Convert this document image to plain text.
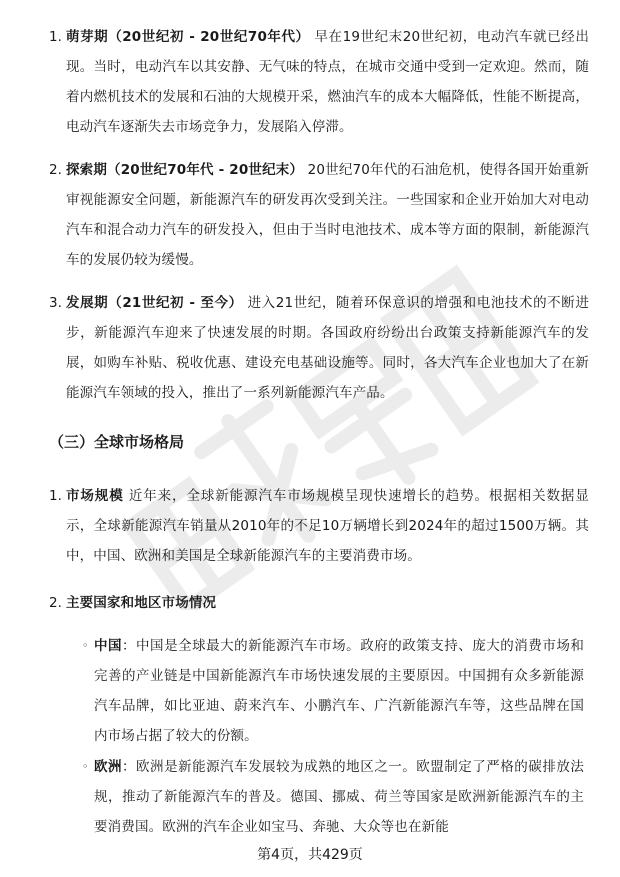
1. 萌芽期（20世纪初 - 20世纪70年代） 早在19世纪末20世纪初，电动汽车就已经出现。当时，电动汽车以其安静、无气味的特点，在城市交通中受到一定欢迎。然而，随着内燃机技术的发展和石油的大规模开采，燃油汽车的成本大幅降低，性能不断提高，电动汽车逐渐失去市场竞争力，发展陷入停滞。
2. 探索期（20世纪70年代 - 20世纪末） 20世纪70年代的石油危机，使得各国开始重新审视能源安全问题，新能源汽车的研发再次受到关注。一些国家和企业开始加大对电动汽车和混合动力汽车的研发投入，但由于当时电池技术、成本等方面的限制，新能源汽车的发展仍较为缓慢。
3. 发展期（21世纪初 - 至今） 进入21世纪，随着环保意识的增强和电池技术的不断进步，新能源汽车迎来了快速发展的时期。各国政府纷纷出台政策支持新能源汽车的发展，如购车补贴、税收优惠、建设充电基础设施等。同时，各大汽车企业也加大了在新能源汽车领域的投入，推出了一系列新能源汽车产品。
（三）全球市场格局
1. 市场规模 近年来，全球新能源汽车市场规模呈现快速增长的趋势。根据相关数据显示，全球新能源汽车销量从2010年的不足10万辆增长到2024年的超过1500万辆。其中，中国、欧洲和美国是全球新能源汽车的主要消费市场。
2. 主要国家和地区市场情况
◦ 中国：中国是全球最大的新能源汽车市场。政府的政策支持、庞大的消费市场和完善的产业链是中国新能源汽车市场快速发展的主要原因。中国拥有众多新能源汽车品牌，如比亚迪、蔚来汽车、小鹏汽车、广汽新能源汽车等，这些品牌在国内市场占据了较大的份额。
◦ 欧洲：欧洲是新能源汽车发展较为成熟的地区之一。欧盟制定了严格的碳排放法规，推动了新能源汽车的普及。德国、挪威、荷兰等国家是欧洲新能源汽车的主要消费国。欧洲的汽车企业如宝马、奔驰、大众等也在新能
第4页，共429页
